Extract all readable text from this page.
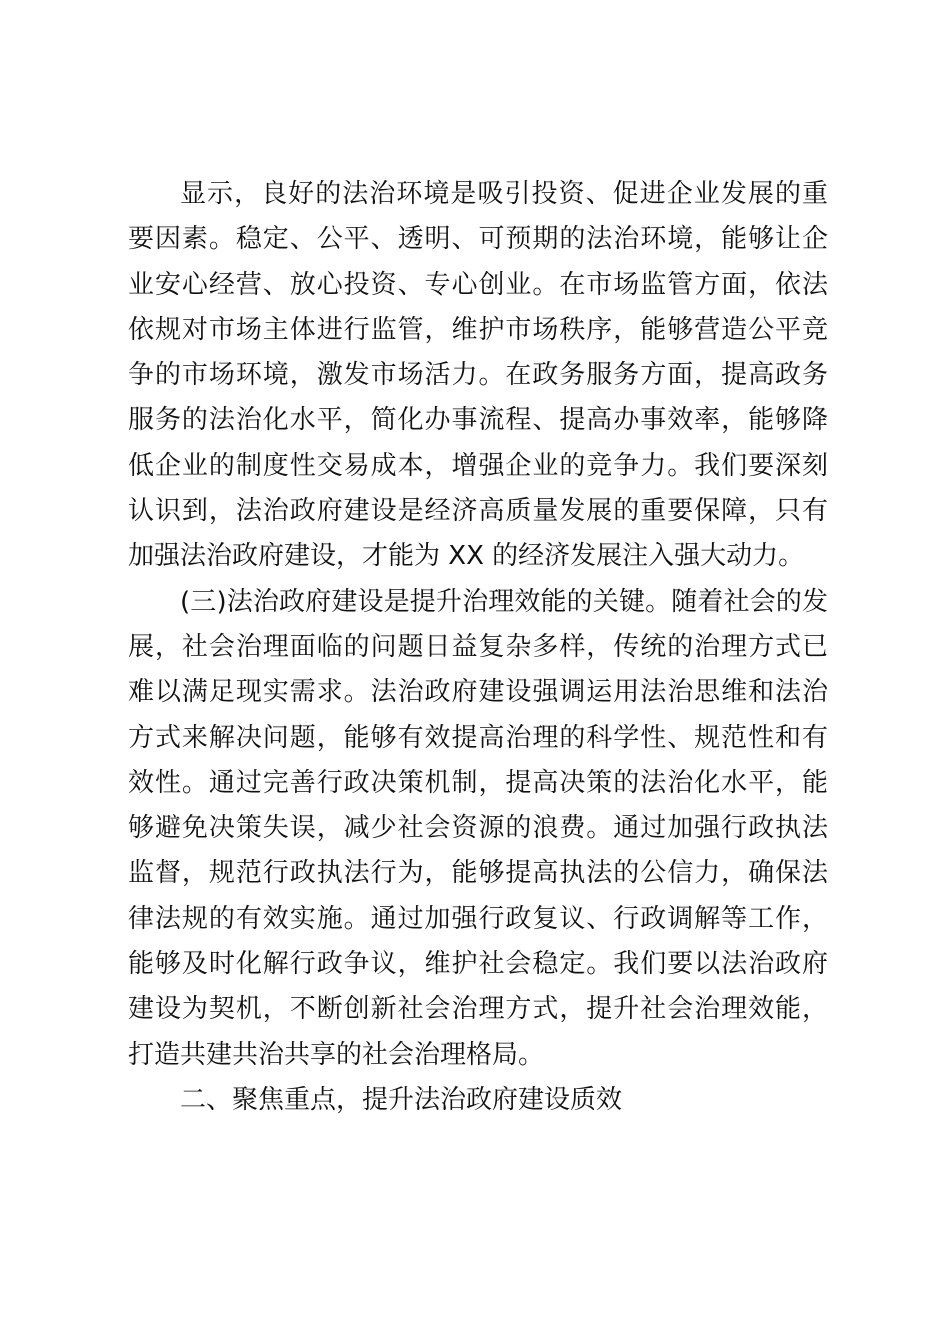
显示，良好的法治环境是吸引投资、促进企业发展的重要因素。稳定、公平、透明、可预期的法治环境，能够让企业安心经营、放心投资、专心创业。在市场监管方面，依法依规对市场主体进行监管，维护市场秩序，能够营造公平竞争的市场环境，激发市场活力。在政务服务方面，提高政务服务的法治化水平，简化办事流程、提高办事效率，能够降低企业的制度性交易成本，增强企业的竞争力。我们要深刻认识到，法治政府建设是经济高质量发展的重要保障，只有加强法治政府建设，才能为 XX 的经济发展注入强大动力。

(三)法治政府建设是提升治理效能的关键。随着社会的发展，社会治理面临的问题日益复杂多样，传统的治理方式已难以满足现实需求。法治政府建设强调运用法治思维和法治方式来解决问题，能够有效提高治理的科学性、规范性和有效性。通过完善行政决策机制，提高决策的法治化水平，能够避免决策失误，减少社会资源的浪费。通过加强行政执法监督，规范行政执法行为，能够提高执法的公信力，确保法律法规的有效实施。通过加强行政复议、行政调解等工作，能够及时化解行政争议，维护社会稳定。我们要以法治政府建设为契机，不断创新社会治理方式，提升社会治理效能，打造共建共治共享的社会治理格局。

二、聚焦重点，提升法治政府建设质效
